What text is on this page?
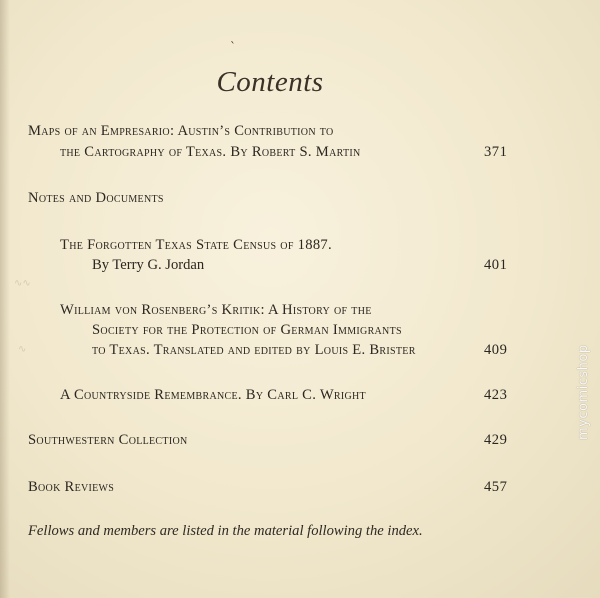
∿∿
∿
`
Contents
Maps of an Empresario: Austin’s Contribution to
the Cartography of Texas. By Robert S. Martin	371
Notes and Documents
The Forgotten Texas State Census of 1887.
By Terry G. Jordan	401
William von Rosenberg’s Kritik: A History of the
Society for the Protection of German Immigrants
to Texas. Translated and edited by Louis E. Brister	409
A Countryside Remembrance. By Carl C. Wright	423
Southwestern Collection	429
Book Reviews	457
Fellows and members are listed in the material following the index.
mycomicshop
